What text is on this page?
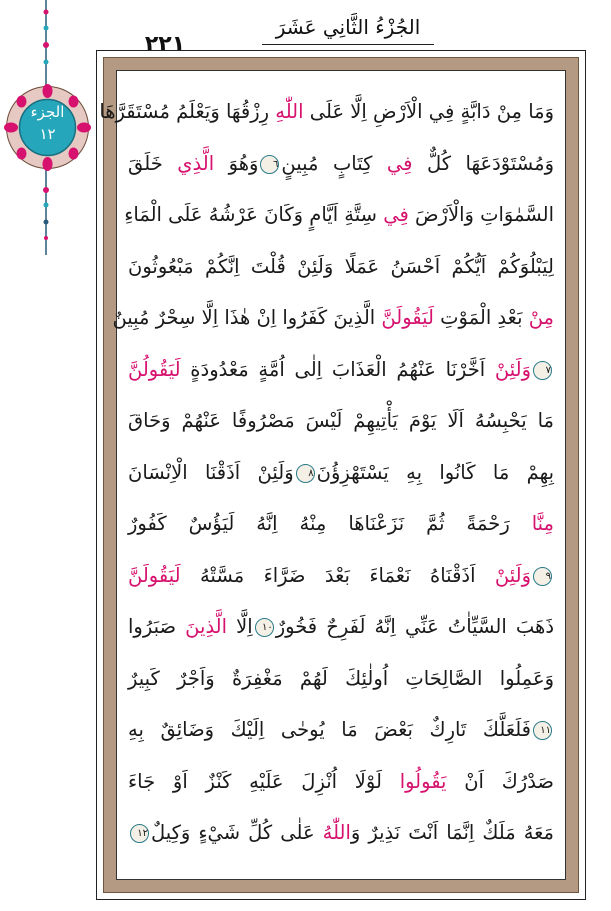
٢٢١
الجُزْءُ الثَّانِي عَشَرَ
الجزء
١٢
وَمَا مِنْ دَابَّةٍ فِي الْاَرْضِ اِلَّا عَلَى اللّٰهِ رِزْقُهَا وَيَعْلَمُ مُسْتَقَرَّهَا
وَمُسْتَوْدَعَهَا كُلٌّ فِي كِتَابٍ مُبِينٍ٦وَهُوَ الَّذِي خَلَقَ
السَّمٰوَاتِ وَالْاَرْضَ فِي سِتَّةِ اَيَّامٍ وَكَانَ عَرْشُهُ عَلَى الْمَاءِ
لِيَبْلُوَكُمْ اَيُّكُمْ اَحْسَنُ عَمَلًا وَلَئِنْ قُلْتَ اِنَّكُمْ مَبْعُوثُونَ
مِنْ بَعْدِ الْمَوْتِ لَيَقُولَنَّ الَّذِينَ كَفَرُوا اِنْ هٰذَا اِلَّا سِحْرٌ مُبِينٌ
٧وَلَئِنْ اَخَّرْنَا عَنْهُمُ الْعَذَابَ اِلٰى اُمَّةٍ مَعْدُودَةٍ لَيَقُولُنَّ
مَا يَحْبِسُهُ اَلَا يَوْمَ يَأْتِيهِمْ لَيْسَ مَصْرُوفًا عَنْهُمْ وَحَاقَ
بِهِمْ مَا كَانُوا بِهِ يَسْتَهْزِؤُنَ٨وَلَئِنْ اَذَقْنَا الْاِنْسَانَ
مِنَّا رَحْمَةً ثُمَّ نَزَعْنَاهَا مِنْهُ اِنَّهُ لَيَؤُسٌ كَفُورٌ
٩وَلَئِنْ اَذَقْنَاهُ نَعْمَاءَ بَعْدَ ضَرَّاءَ مَسَّتْهُ لَيَقُولَنَّ
ذَهَبَ السَّيِّاٰتُ عَنِّي اِنَّهُ لَفَرِحٌ فَخُورٌ١٠اِلَّا الَّذِينَ صَبَرُوا
وَعَمِلُوا الصَّالِحَاتِ اُولٰئِكَ لَهُمْ مَغْفِرَةٌ وَاَجْرٌ كَبِيرٌ
١١فَلَعَلَّكَ تَارِكٌ بَعْضَ مَا يُوحٰى اِلَيْكَ وَضَائِقٌ بِهِ
صَدْرُكَ اَنْ يَقُولُوا لَوْلَا اُنْزِلَ عَلَيْهِ كَنْزٌ اَوْ جَاءَ
مَعَهُ مَلَكٌ اِنَّمَا اَنْتَ نَذِيرٌ وَاللّٰهُ عَلٰى كُلِّ شَيْءٍ وَكِيلٌ١٢
